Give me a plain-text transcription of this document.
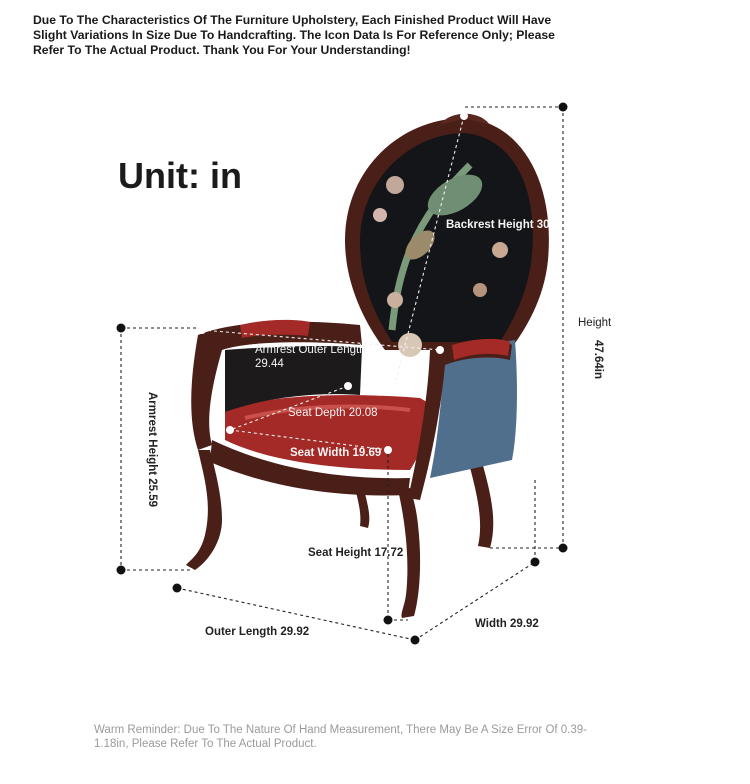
Due To The Characteristics Of The Furniture Upholstery, Each Finished Product Will Have Slight Variations In Size Due To Handcrafting. The Icon Data Is For Reference Only; Please Refer To The Actual Product. Thank You For Your Understanding!
Unit: in
Backrest Height 30
Height
47.64in
Armrest Outer Length
29.44
Armrest Height 25.59	Seat Depth 20.08
Seat Width 19.69
Seat Height 17.72
Outer Length 29.92
Width 29.92
Warm Reminder: Due To The Nature Of Hand Measurement, There May Be A Size Error Of 0.39-1.18in, Please Refer To The Actual Product.
